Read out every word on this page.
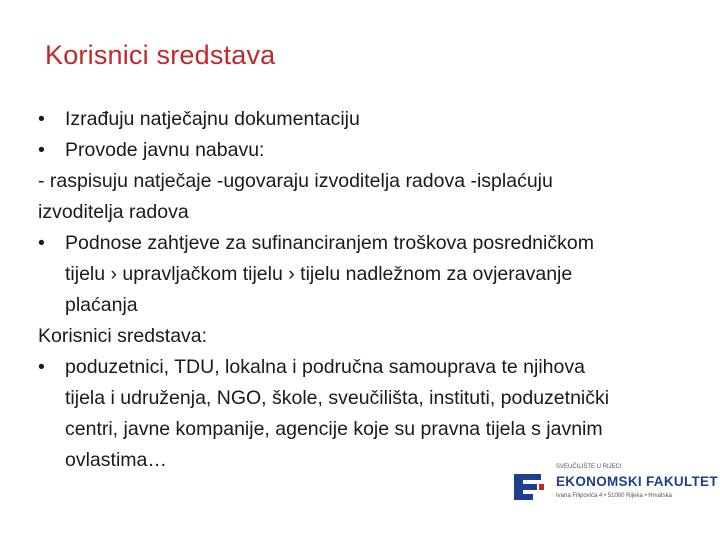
Korisnici sredstava
•	Izrađuju natječajnu dokumentaciju
•	Provode javnu nabavu:
- raspisuju natječaje -ugovaraju izvoditelja radova -isplaćuju
izvoditelja radova
•	Podnose zahtjeve za sufinanciranjem troškova posredničkom
tijelu › upravljačkom tijelu › tijelu nadležnom za ovjeravanje
plaćanja
Korisnici sredstava:
•	poduzetnici, TDU, lokalna i područna samouprava te njihova
tijela i udruženja, NGO, škole, sveučilišta, instituti, poduzetnički
centri, javne kompanije, agencije koje su pravna tijela s javnim
ovlastima…	SVEUČILIŠTE U RIJECI
EKONOMSKI FAKULTET
Ivana Filipovića 4 • 51000 Rijeka • Hrvatska
